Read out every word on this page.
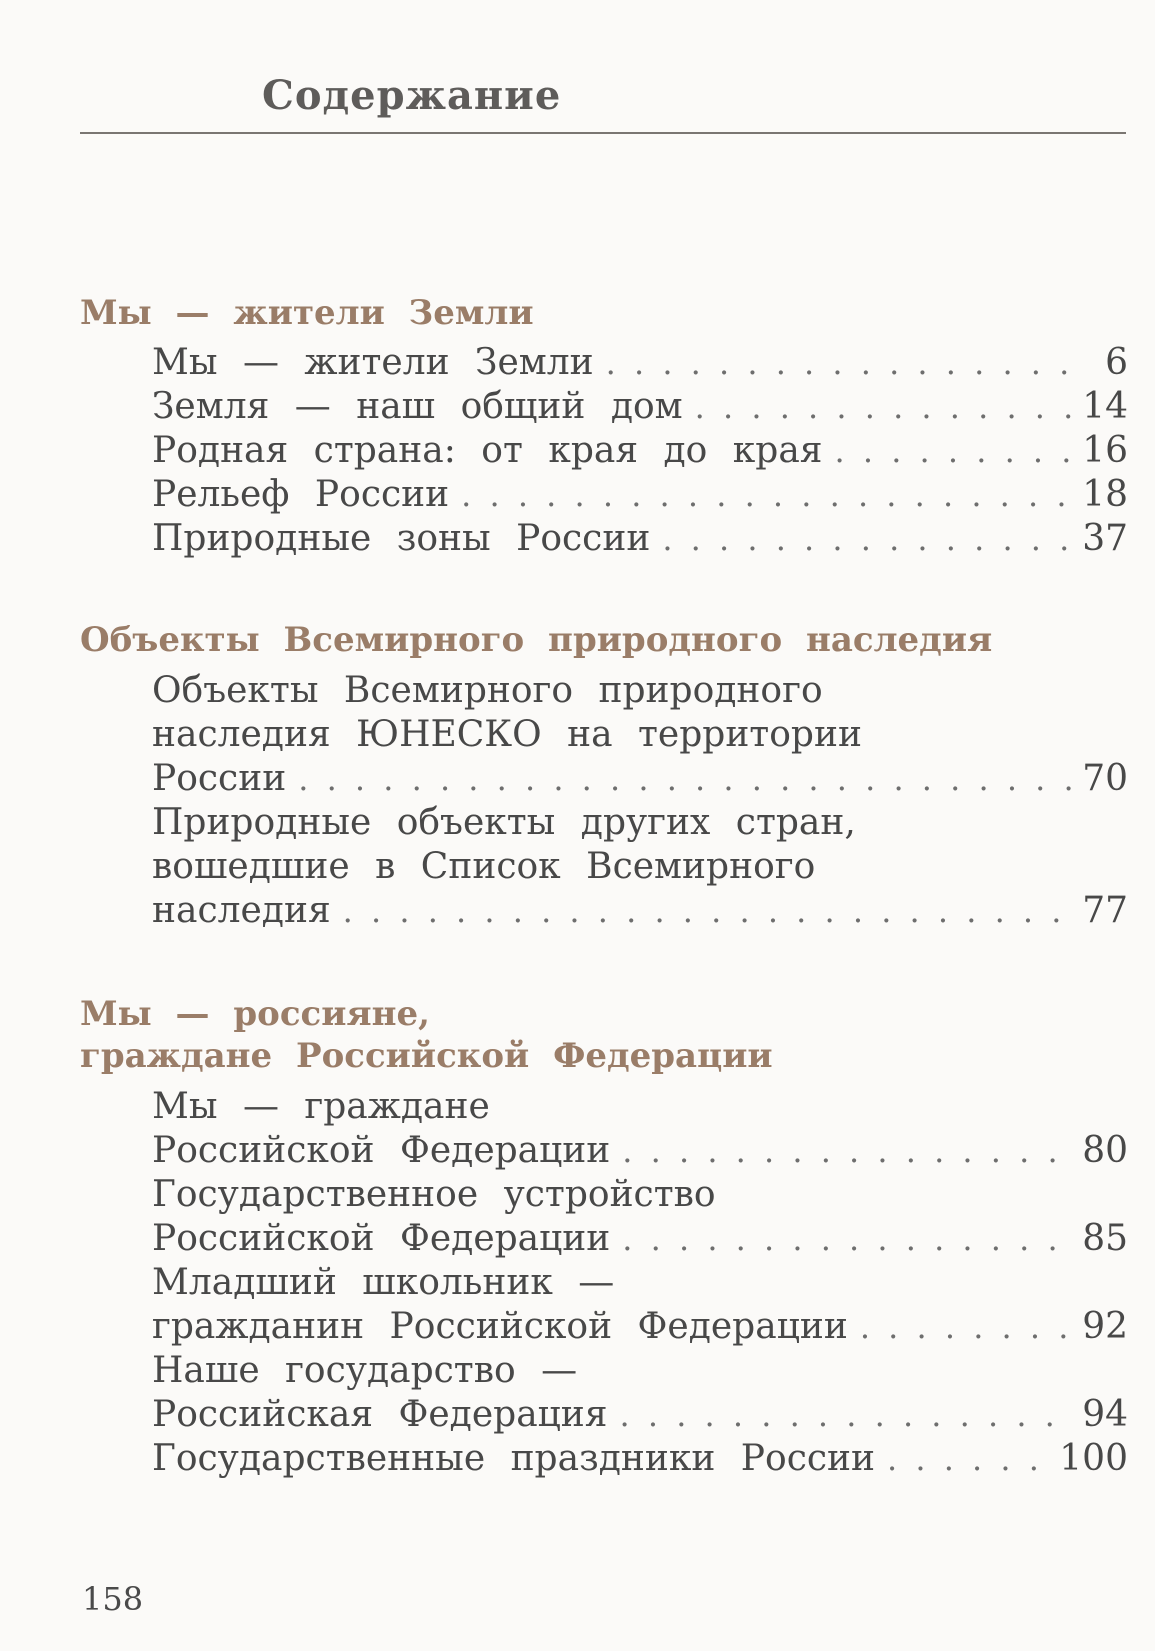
Содержание
Мы — жители Земли
Мы — жители Земли . . .	6
Земля — наш общий дом . . .	14
Родная страна: от края до края . . .	16
Рельеф России . . .	18
Природные зоны России . . .	37
Объекты Всемирного природного наследия
Объекты Всемирного природного
наследия ЮНЕСКО на территории
России . . .	70
Природные объекты других стран,
вошедшие в Список Всемирного
наследия . . .	77
Мы — россияне,
граждане Российской Федерации
Мы — граждане
Российской Федерации . . .	80
Государственное устройство
Российской Федерации . . .	85
Младший школьник —
гражданин Российской Федерации . . .	92
Наше государство —
Российская Федерация . . .	94
Государственные праздники России . . .	100
158
